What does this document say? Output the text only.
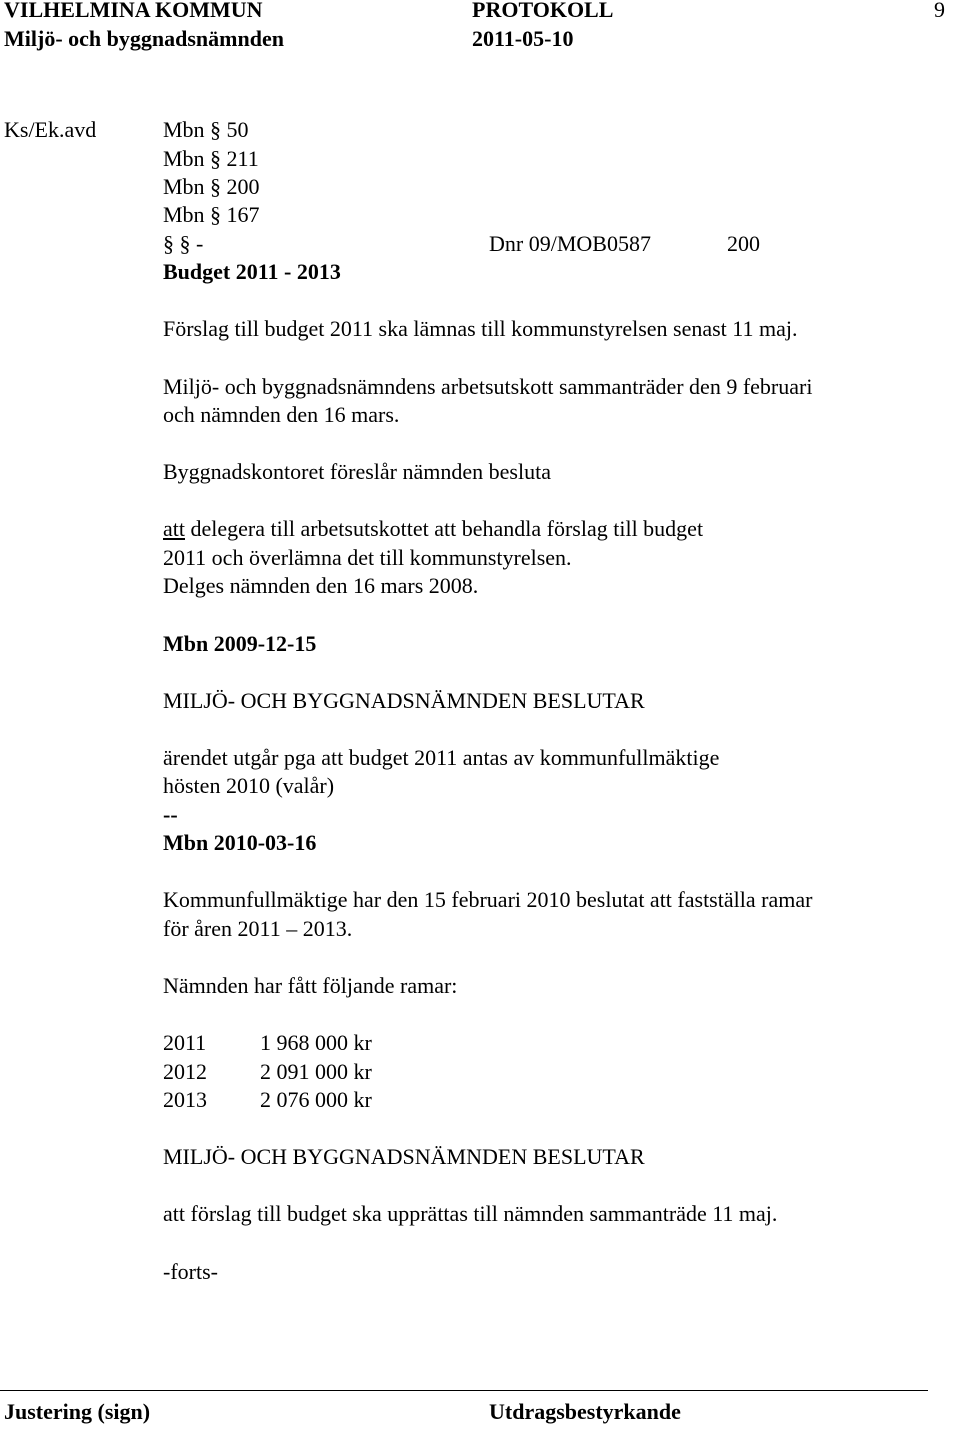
VILHELMINA KOMMUN	PROTOKOLL	9
Miljö- och byggnadsnämnden	2011-05-10
Ks/Ek.avd	Mbn § 50
Mbn § 211
Mbn § 200
Mbn § 167
§ § -	Dnr 09/MOB0587	200
Budget 2011 - 2013
Förslag till budget 2011 ska lämnas till kommunstyrelsen senast 11 maj.
Miljö- och byggnadsnämndens arbetsutskott sammanträder den 9 februari
och nämnden den 16 mars.
Byggnadskontoret föreslår nämnden besluta
att delegera till arbetsutskottet att behandla förslag till budget
2011 och överlämna det till kommunstyrelsen.
Delges nämnden den 16 mars 2008.
Mbn 2009-12-15
MILJÖ- OCH BYGGNADSNÄMNDEN BESLUTAR
ärendet utgår pga att budget 2011 antas av kommunfullmäktige
hösten 2010 (valår)
--
Mbn 2010-03-16
Kommunfullmäktige har den 15 februari 2010 beslutat att fastställa ramar
för åren 2011 – 2013.
Nämnden har fått följande ramar:
2011 1 968 000 kr
2012 2 091 000 kr
2013 2 076 000 kr
MILJÖ- OCH BYGGNADSNÄMNDEN BESLUTAR
att förslag till budget ska upprättas till nämnden sammanträde 11 maj.
-forts-
Justering (sign)	Utdragsbestyrkande
